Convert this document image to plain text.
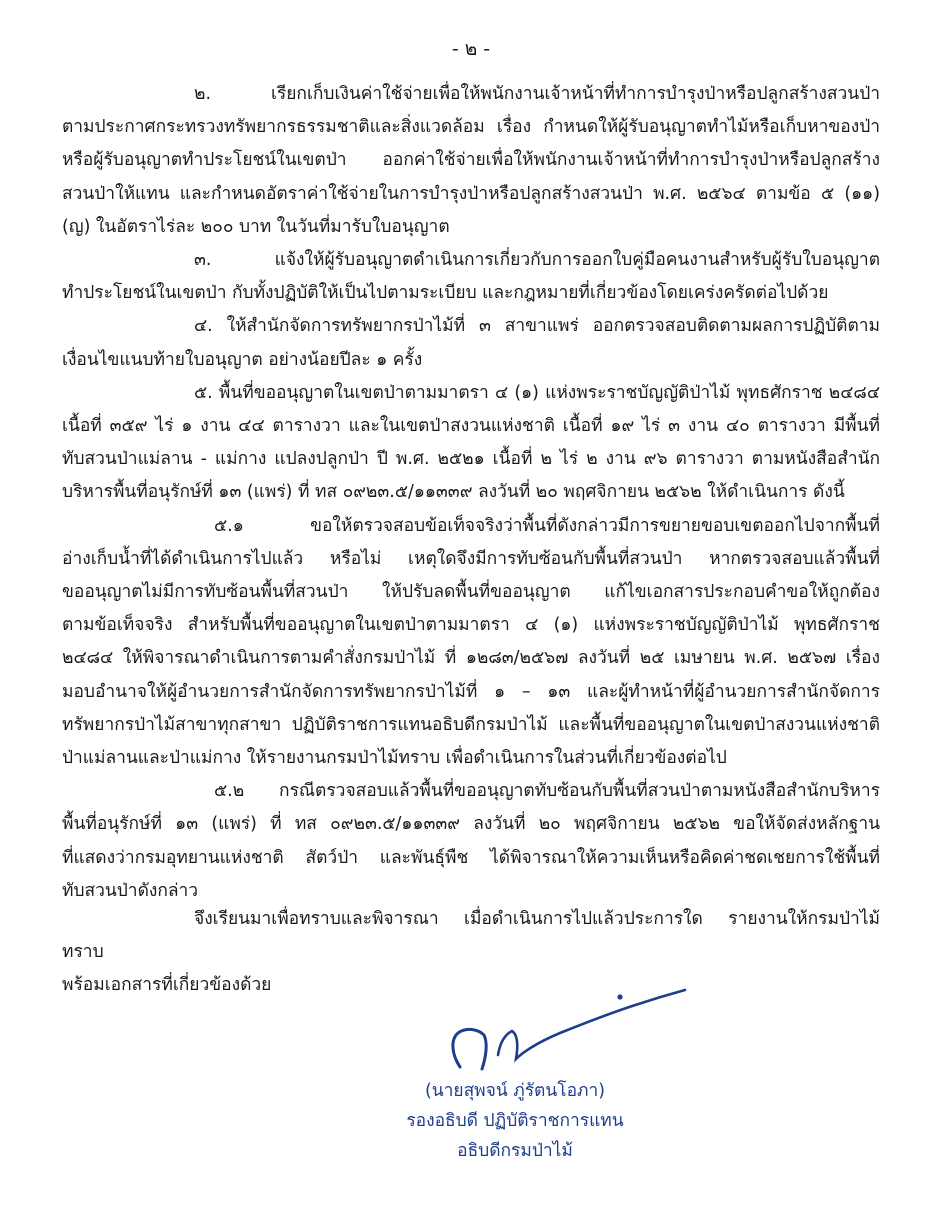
- ๒ -

๒. เรียกเก็บเงินค่าใช้จ่ายเพื่อให้พนักงานเจ้าหน้าที่ทำการบำรุงป่าหรือปลูกสร้างสวนป่า

ตามประกาศกระทรวงทรัพยากรธรรมชาติและสิ่งแวดล้อม เรื่อง กำหนดให้ผู้รับอนุญาตทำไม้หรือเก็บหาของป่า

หรือผู้รับอนุญาตทำประโยชน์ในเขตป่า ออกค่าใช้จ่ายเพื่อให้พนักงานเจ้าหน้าที่ทำการบำรุงป่าหรือปลูกสร้าง

สวนป่าให้แทน และกำหนดอัตราค่าใช้จ่ายในการบำรุงป่าหรือปลูกสร้างสวนป่า พ.ศ. ๒๕๖๔ ตามข้อ ๕ (๑๑)

(ญ) ในอัตราไร่ละ ๒๐๐ บาท ในวันที่มารับใบอนุญาต

๓. แจ้งให้ผู้รับอนุญาตดำเนินการเกี่ยวกับการออกใบคู่มือคนงานสำหรับผู้รับใบอนุญาต

ทำประโยชน์ในเขตป่า กับทั้งปฏิบัติให้เป็นไปตามระเบียบ และกฎหมายที่เกี่ยวข้องโดยเคร่งครัดต่อไปด้วย

๔. ให้สำนักจัดการทรัพยากรป่าไม้ที่ ๓ สาขาแพร่ ออกตรวจสอบติดตามผลการปฏิบัติตาม

เงื่อนไขแนบท้ายใบอนุญาต อย่างน้อยปีละ ๑ ครั้ง

๕. พื้นที่ขออนุญาตในเขตป่าตามมาตรา ๔ (๑) แห่งพระราชบัญญัติป่าไม้ พุทธศักราช ๒๔๘๔

เนื้อที่ ๓๕๙ ไร่ ๑ งาน ๔๔ ตารางวา และในเขตป่าสงวนแห่งชาติ เนื้อที่ ๑๙ ไร่ ๓ งาน ๔๐ ตารางวา มีพื้นที่

ทับสวนป่าแม่ลาน - แม่กาง แปลงปลูกป่า ปี พ.ศ. ๒๕๒๑ เนื้อที่ ๒ ไร่ ๒ งาน ๙๖ ตารางวา ตามหนังสือสำนัก

บริหารพื้นที่อนุรักษ์ที่ ๑๓ (แพร่) ที่ ทส ๐๙๒๓.๕/๑๑๓๓๙ ลงวันที่ ๒๐ พฤศจิกายน ๒๕๖๒ ให้ดำเนินการ ดังนี้

๕.๑ ขอให้ตรวจสอบข้อเท็จจริงว่าพื้นที่ดังกล่าวมีการขยายขอบเขตออกไปจากพื้นที่

อ่างเก็บน้ำที่ได้ดำเนินการไปแล้ว หรือไม่ เหตุใดจึงมีการทับซ้อนกับพื้นที่สวนป่า หากตรวจสอบแล้วพื้นที่

ขออนุญาตไม่มีการทับซ้อนพื้นที่สวนป่า ให้ปรับลดพื้นที่ขออนุญาต แก้ไขเอกสารประกอบคำขอให้ถูกต้อง

ตามข้อเท็จจริง สำหรับพื้นที่ขออนุญาตในเขตป่าตามมาตรา ๔ (๑) แห่งพระราชบัญญัติป่าไม้ พุทธศักราช

๒๔๘๔ ให้พิจารณาดำเนินการตามคำสั่งกรมป่าไม้ ที่ ๑๒๘๓/๒๕๖๗ ลงวันที่ ๒๕ เมษายน พ.ศ. ๒๕๖๗ เรื่อง

มอบอำนาจให้ผู้อำนวยการสำนักจัดการทรัพยากรป่าไม้ที่ ๑ – ๑๓ และผู้ทำหน้าที่ผู้อำนวยการสำนักจัดการ

ทรัพยากรป่าไม้สาขาทุกสาขา ปฏิบัติราชการแทนอธิบดีกรมป่าไม้ และพื้นที่ขออนุญาตในเขตป่าสงวนแห่งชาติ

ป่าแม่ลานและป่าแม่กาง ให้รายงานกรมป่าไม้ทราบ เพื่อดำเนินการในส่วนที่เกี่ยวข้องต่อไป

๕.๒ กรณีตรวจสอบแล้วพื้นที่ขออนุญาตทับซ้อนกับพื้นที่สวนป่าตามหนังสือสำนักบริหาร

พื้นที่อนุรักษ์ที่ ๑๓ (แพร่) ที่ ทส ๐๙๒๓.๕/๑๑๓๓๙ ลงวันที่ ๒๐ พฤศจิกายน ๒๕๖๒ ขอให้จัดส่งหลักฐาน

ที่แสดงว่ากรมอุทยานแห่งชาติ สัตว์ป่า และพันธุ์พืช ได้พิจารณาให้ความเห็นหรือคิดค่าชดเชยการใช้พื้นที่

ทับสวนป่าดังกล่าว

จึงเรียนมาเพื่อทราบและพิจารณา เมื่อดำเนินการไปแล้วประการใด รายงานให้กรมป่าไม้ทราบ

พร้อมเอกสารที่เกี่ยวข้องด้วย

(นายสุพจน์ ภู่รัตนโอภา)
รองอธิบดี ปฏิบัติราชการแทน
อธิบดีกรมป่าไม้
